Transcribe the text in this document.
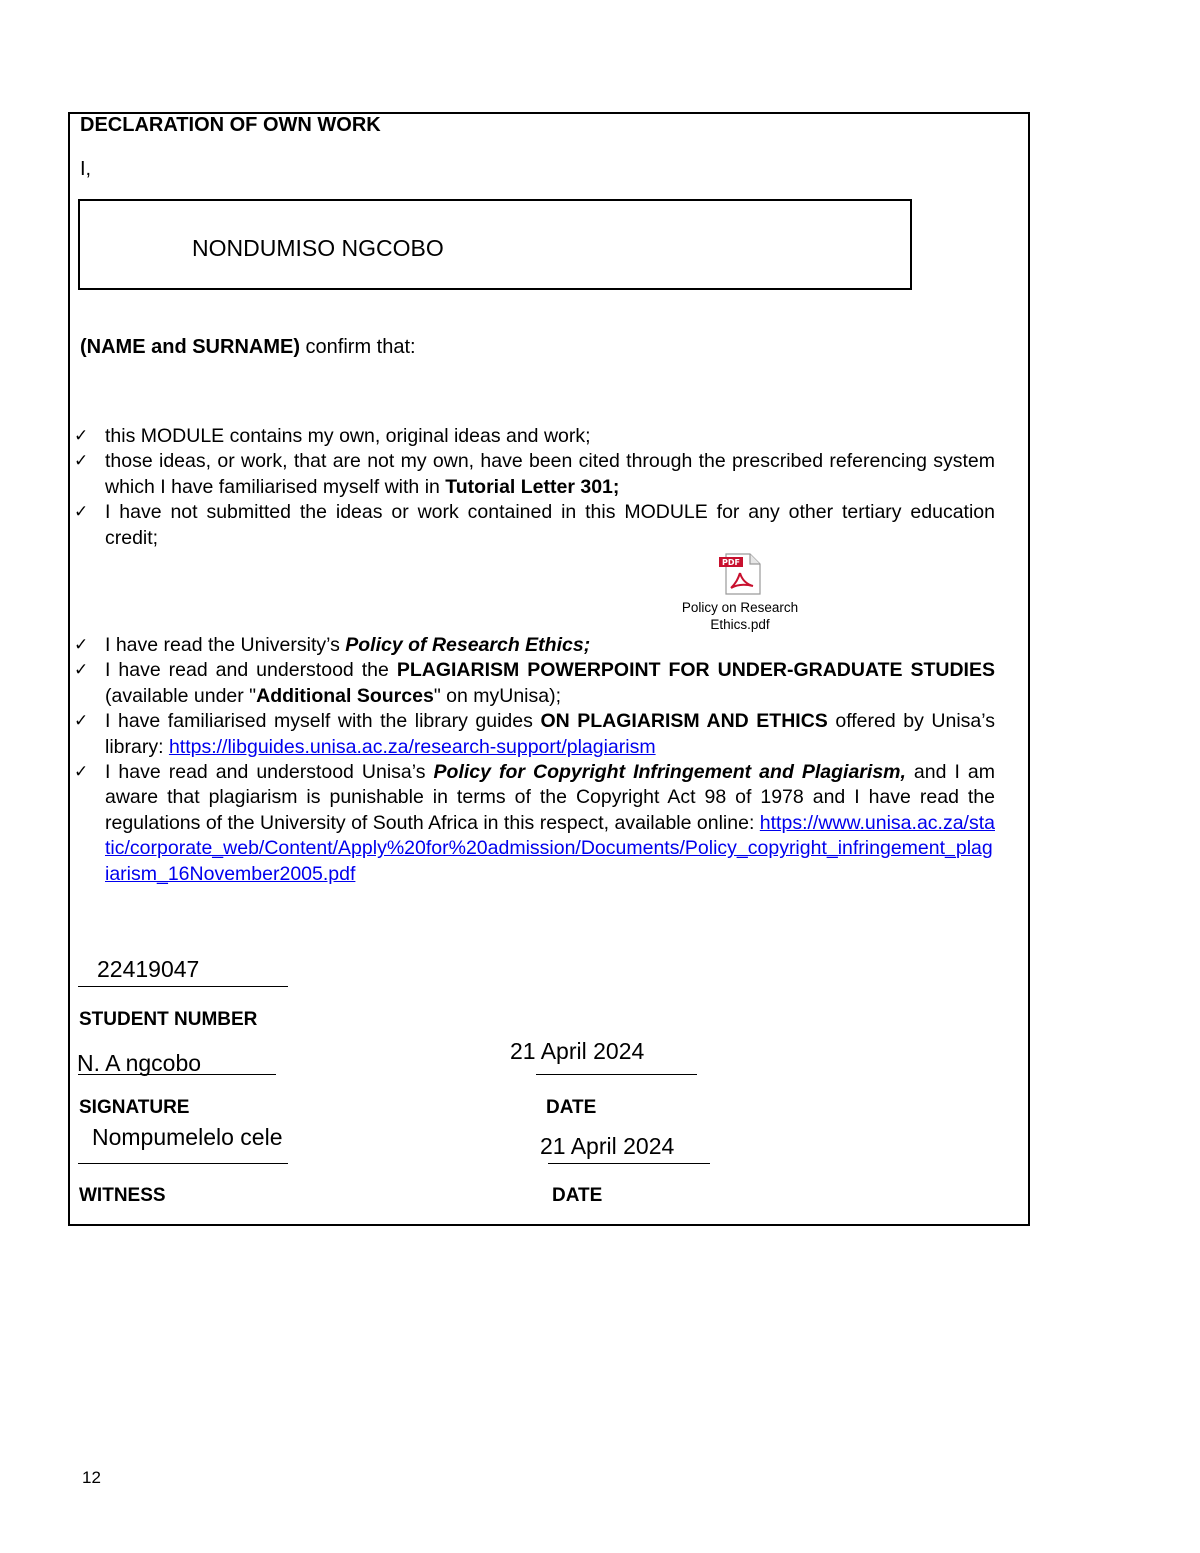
DECLARATION OF OWN WORK
I,
NONDUMISO NGCOBO
(NAME and SURNAME) confirm that:
✓ this MODULE contains my own, original ideas and work;
✓ those ideas, or work, that are not my own, have been cited through the prescribed referencing system which I have familiarised myself with in Tutorial Letter 301;
✓ I have not submitted the ideas or work contained in this MODULE for any other tertiary education credit;
✓ I have read the University’s Policy of Research Ethics;
✓ I have read and understood the PLAGIARISM POWERPOINT FOR UNDER-GRADUATE STUDIES (available under "Additional Sources" on myUnisa);
✓ I have familiarised myself with the library guides ON PLAGIARISM AND ETHICS offered by Unisa’s library: https://libguides.unisa.ac.za/research-support/plagiarism
✓ I have read and understood Unisa’s Policy for Copyright Infringement and Plagiarism, and I am aware that plagiarism is punishable in terms of the Copyright Act 98 of 1978 and I have read the regulations of the University of South Africa in this respect, available online: https://www.unisa.ac.za/static/corporate_web/Content/Apply%20for%20admission/Documents/Policy_copyright_infringement_plagiarism_16November2005.pdf
PDF
Policy on Research
Ethics.pdf
22419047
STUDENT NUMBER
N. A ngcobo
SIGNATURE
21 April 2024
DATE
Nompumelelo cele
WITNESS
21 April 2024
DATE
12
